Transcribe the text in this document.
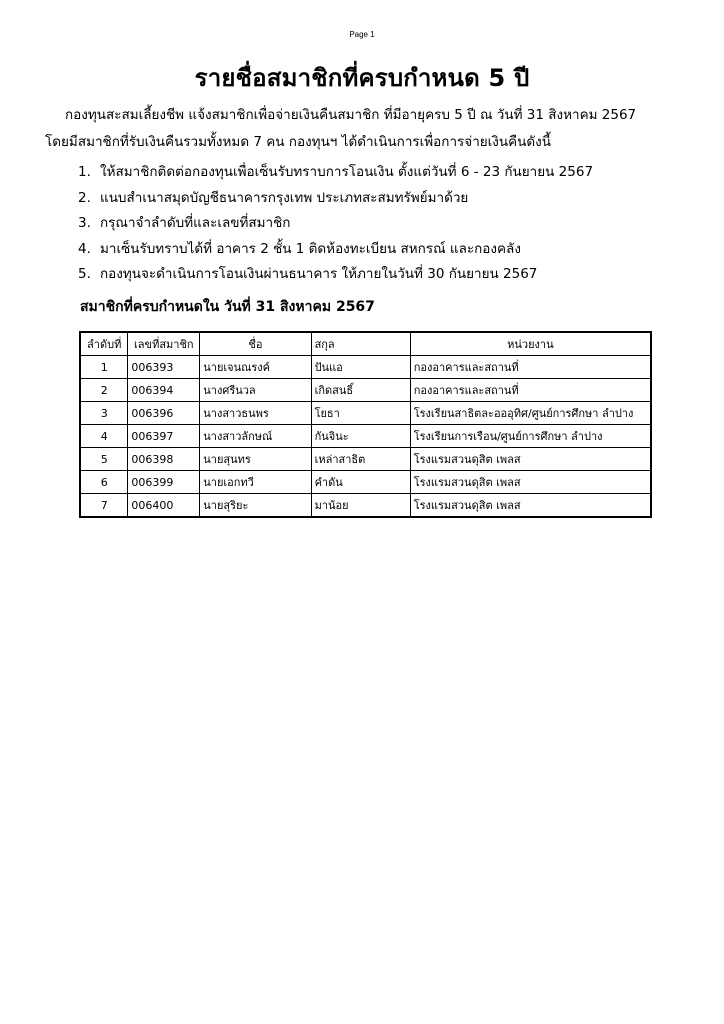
Page 1
รายชื่อสมาชิกที่ครบกำหนด 5 ปี
กองทุนสะสมเลี้ยงชีพ แจ้งสมาชิกเพื่อจ่ายเงินคืนสมาชิก ที่มีอายุครบ 5 ปี ณ วันที่ 31 สิงหาคม 2567
โดยมีสมาชิกที่รับเงินคืนรวมทั้งหมด 7 คน กองทุนฯ ได้ดำเนินการเพื่อการจ่ายเงินคืนดังนี้
1. ให้สมาชิกติดต่อกองทุนเพื่อเซ็นรับทราบการโอนเงิน ตั้งแต่วันที่ 6 - 23 กันยายน 2567
2. แนบสำเนาสมุดบัญชีธนาคารกรุงเทพ ประเภทสะสมทรัพย์มาด้วย
3. กรุณาจำลำดับที่และเลขที่สมาชิก
4. มาเซ็นรับทราบได้ที่ อาคาร 2 ชั้น 1 ติดห้องทะเบียน สหกรณ์ และกองคลัง
5. กองทุนจะดำเนินการโอนเงินผ่านธนาคาร ให้ภายในวันที่ 30 กันยายน 2567
สมาชิกที่ครบกำหนดใน วันที่ 31 สิงหาคม 2567
ลำดับที่	เลขที่สมาชิก	ชื่อ	สกุล	หน่วยงาน
1	006393	นายเจนณรงค์	ปันแอ	กองอาคารและสถานที่
2	006394	นางศรีนวล	เกิดสนธิ์	กองอาคารและสถานที่
3	006396	นางสาวธนพร	โยธา	โรงเรียนสาธิตละอออุทิศ/ศูนย์การศึกษา ลำปาง
4	006397	นางสาวลักษณ์	กันจินะ	โรงเรียนการเรือน/ศูนย์การศึกษา ลำปาง
5	006398	นายสุนทร	เหล่าสาธิต	โรงแรมสวนดุสิต เพลส
6	006399	นายเอกทวี	คำดัน	โรงแรมสวนดุสิต เพลส
7	006400	นายสุริยะ	มาน้อย	โรงแรมสวนดุสิต เพลส
